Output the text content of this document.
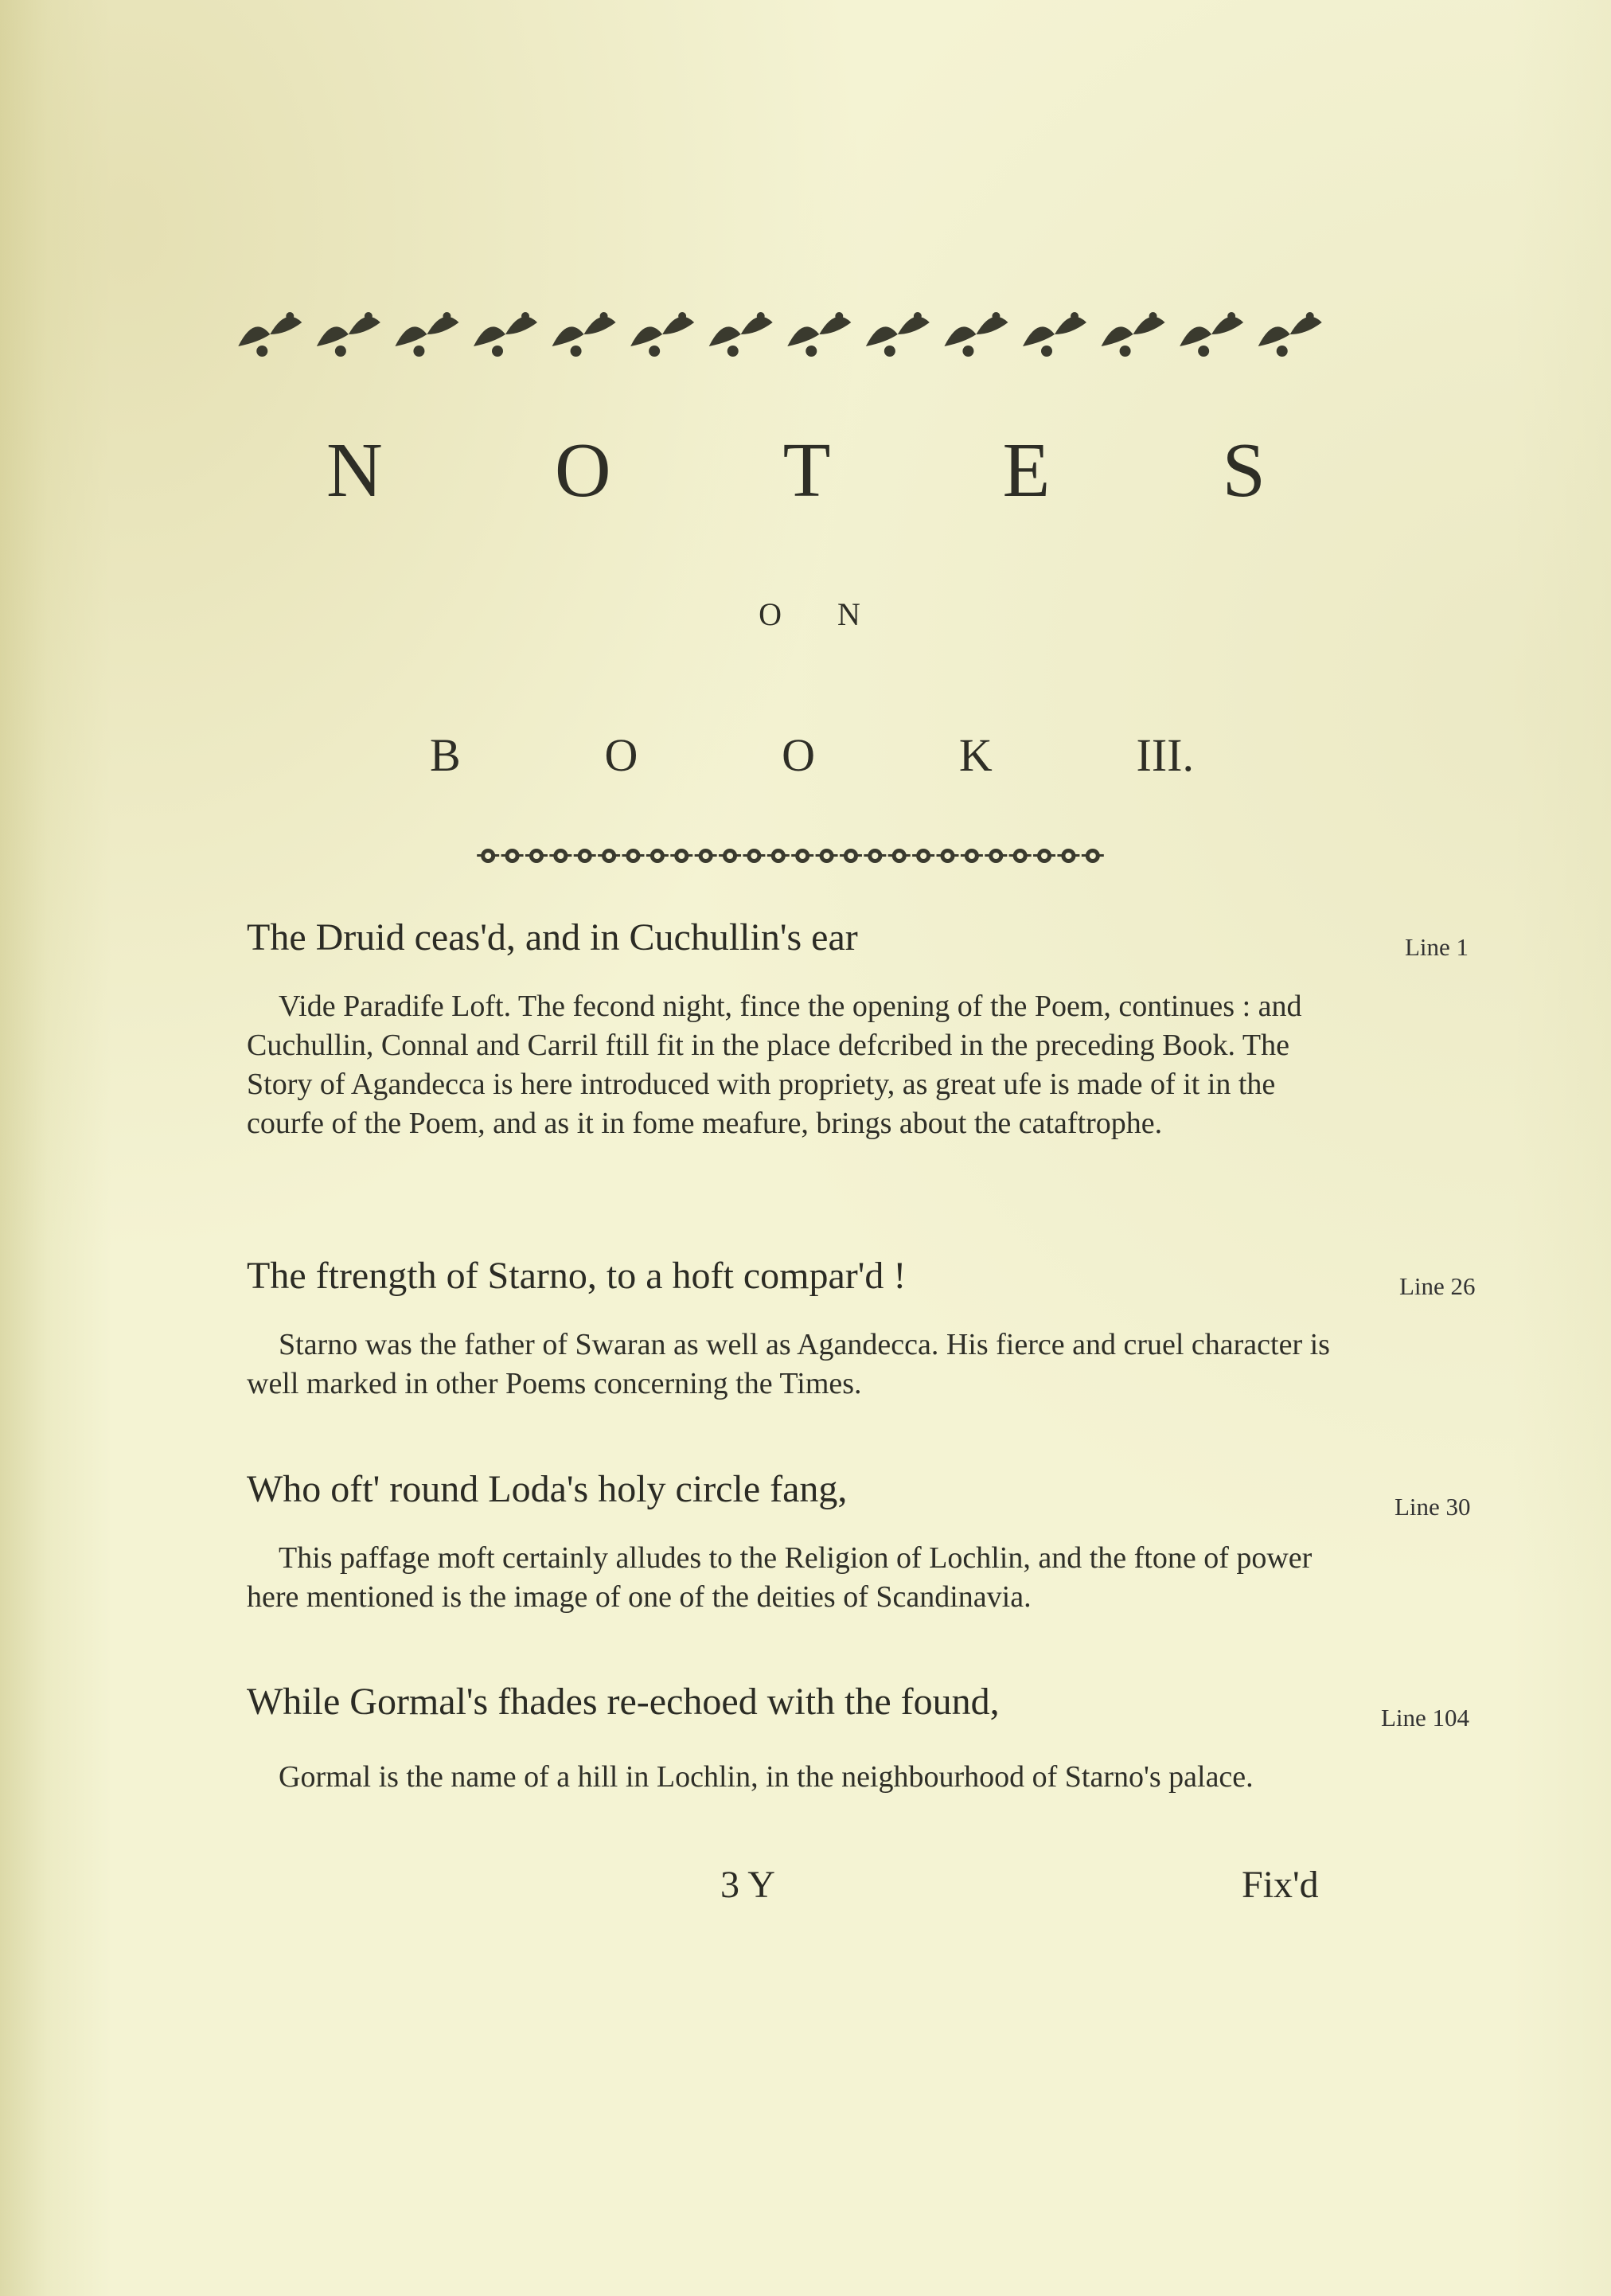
N O T E S
O N
B	O	O	K	III.
The Druid ceas'd, and in Cuchullin's ear	Line 1
Vide Paradife Loft. The fecond night, fince the opening of the Poem, continues : and Cuchullin, Connal and Carril ftill fit in the place defcribed in the preceding Book. The Story of Agandecca is here introduced with propriety, as great ufe is made of it in the courfe of the Poem, and as it in fome meafure, brings about the cataftrophe.
The ftrength of Starno, to a hoft compar'd !	Line 26
Starno was the father of Swaran as well as Agandecca. His fierce and cruel character is well marked in other Poems concerning the Times.
Who oft' round Loda's holy circle fang,	Line 30
This paffage moft certainly alludes to the Religion of Lochlin, and the ftone of power here mentioned is the image of one of the deities of Scandinavia.
While Gormal's fhades re-echoed with the found,	Line 104
Gormal is the name of a hill in Lochlin, in the neighbourhood of Starno's palace.
3 Y	Fix'd
